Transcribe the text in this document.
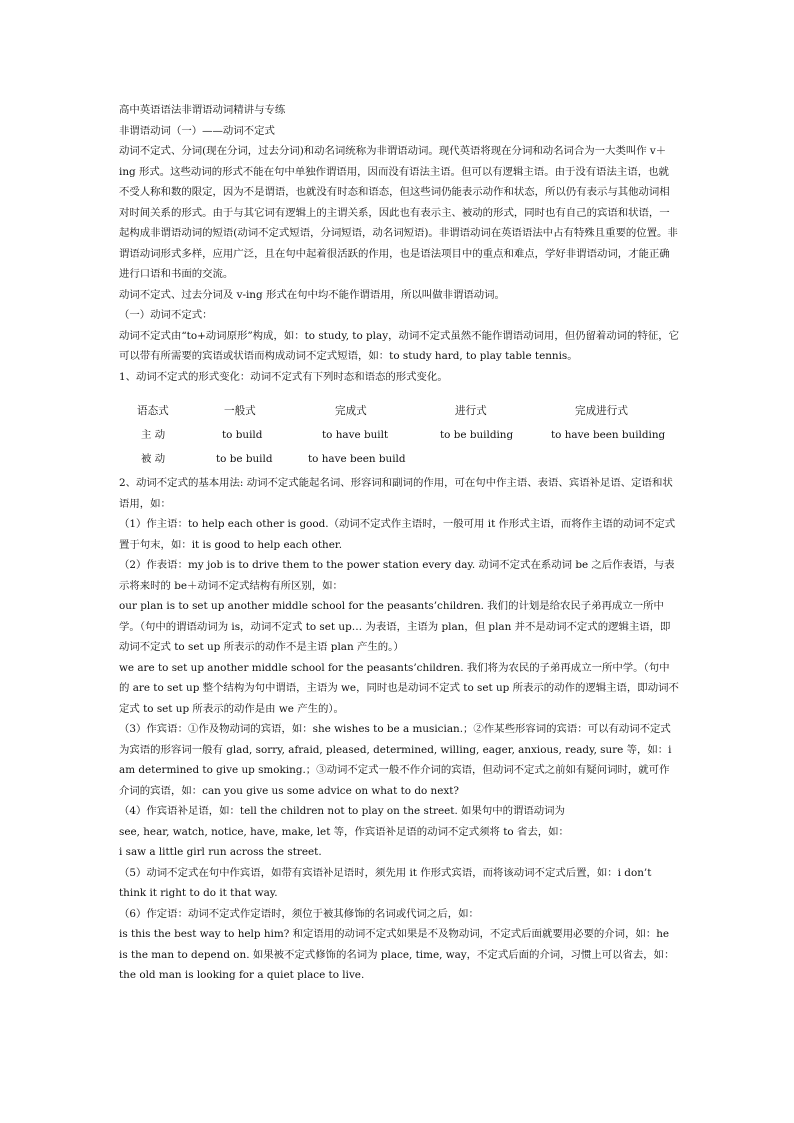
高中英语语法非谓语动词精讲与专练

非谓语动词（一）——动词不定式

动词不定式、分词(现在分词，过去分词)和动名词统称为非谓语动词。现代英语将现在分词和动名词合为一大类叫作 v＋ing 形式。这些动词的形式不能在句中单独作谓语用，因而没有语法主语。但可以有逻辑主语。由于没有语法主语，也就不受人称和数的限定，因为不是谓语，也就没有时态和语态，但这些词仍能表示动作和状态，所以仍有表示与其他动词相对时间关系的形式。由于与其它词有逻辑上的主谓关系，因此也有表示主、被动的形式，同时也有自己的宾语和状语，一起构成非谓语动词的短语(动词不定式短语，分词短语，动名词短语)。非谓语动词在英语语法中占有特殊且重要的位置。非谓语动词形式多样，应用广泛，且在句中起着很活跃的作用，也是语法项目中的重点和难点，学好非谓语动词，才能正确进行口语和书面的交流。

动词不定式、过去分词及 v-ing 形式在句中均不能作谓语用，所以叫做非谓语动词。

（一）动词不定式：

动词不定式由“to+动词原形”构成，如：to study, to play，动词不定式虽然不能作谓语动词用，但仍留着动词的特征，它可以带有所需要的宾语或状语而构成动词不定式短语，如：to study hard, to play table tennis。

1、动词不定式的形式变化：动词不定式有下列时态和语态的形式变化。

语态式	一般式	完成式	进行式	完成进行式
主 动	to build	to have built	to be building	to have been building
被 动	to be build	to have been build

2、动词不定式的基本用法: 动词不定式能起名词、形容词和副词的作用，可在句中作主语、表语、宾语补足语、定语和状语用，如：

（1）作主语：to help each other is good.（动词不定式作主语时，一般可用 it 作形式主语，而将作主语的动词不定式置于句末，如：it is good to help each other.

（2）作表语：my job is to drive them to the power station every day. 动词不定式在系动词 be 之后作表语，与表示将来时的 be＋动词不定式结构有所区别，如：

our plan is to set up another middle school for the peasants’children. 我们的计划是给农民子弟再成立一所中学。（句中的谓语动词为 is，动词不定式 to set up… 为表语，主语为 plan，但 plan 并不是动词不定式的逻辑主语，即动词不定式 to set up 所表示的动作不是主语 plan 产生的。）

we are to set up another middle school for the peasants’children. 我们将为农民的子弟再成立一所中学。（句中的 are to set up 整个结构为句中谓语，主语为 we，同时也是动词不定式 to set up 所表示的动作的逻辑主语，即动词不定式 to set up 所表示的动作是由 we 产生的）。

（3）作宾语：①作及物动词的宾语，如：she wishes to be a musician.；②作某些形容词的宾语：可以有动词不定式为宾语的形容词一般有 glad, sorry, afraid, pleased, determined, willing, eager, anxious, ready, sure 等，如：i am determined to give up smoking.；③动词不定式一般不作介词的宾语，但动词不定式之前如有疑问词时，就可作介词的宾语，如：can you give us some advice on what to do next?

（4）作宾语补足语，如：tell the children not to play on the street. 如果句中的谓语动词为

see, hear, watch, notice, have, make, let 等，作宾语补足语的动词不定式须将 to 省去，如：

i saw a little girl run across the street.

（5）动词不定式在句中作宾语，如带有宾语补足语时，须先用 it 作形式宾语，而将该动词不定式后置，如：i don’t think it right to do it that way.

（6）作定语：动词不定式作定语时，须位于被其修饰的名词或代词之后，如：

is this the best way to help him? 和定语用的动词不定式如果是不及物动词，不定式后面就要用必要的介词，如：he is the man to depend on. 如果被不定式修饰的名词为 place, time, way，不定式后面的介词，习惯上可以省去，如：the old man is looking for a quiet place to live.
